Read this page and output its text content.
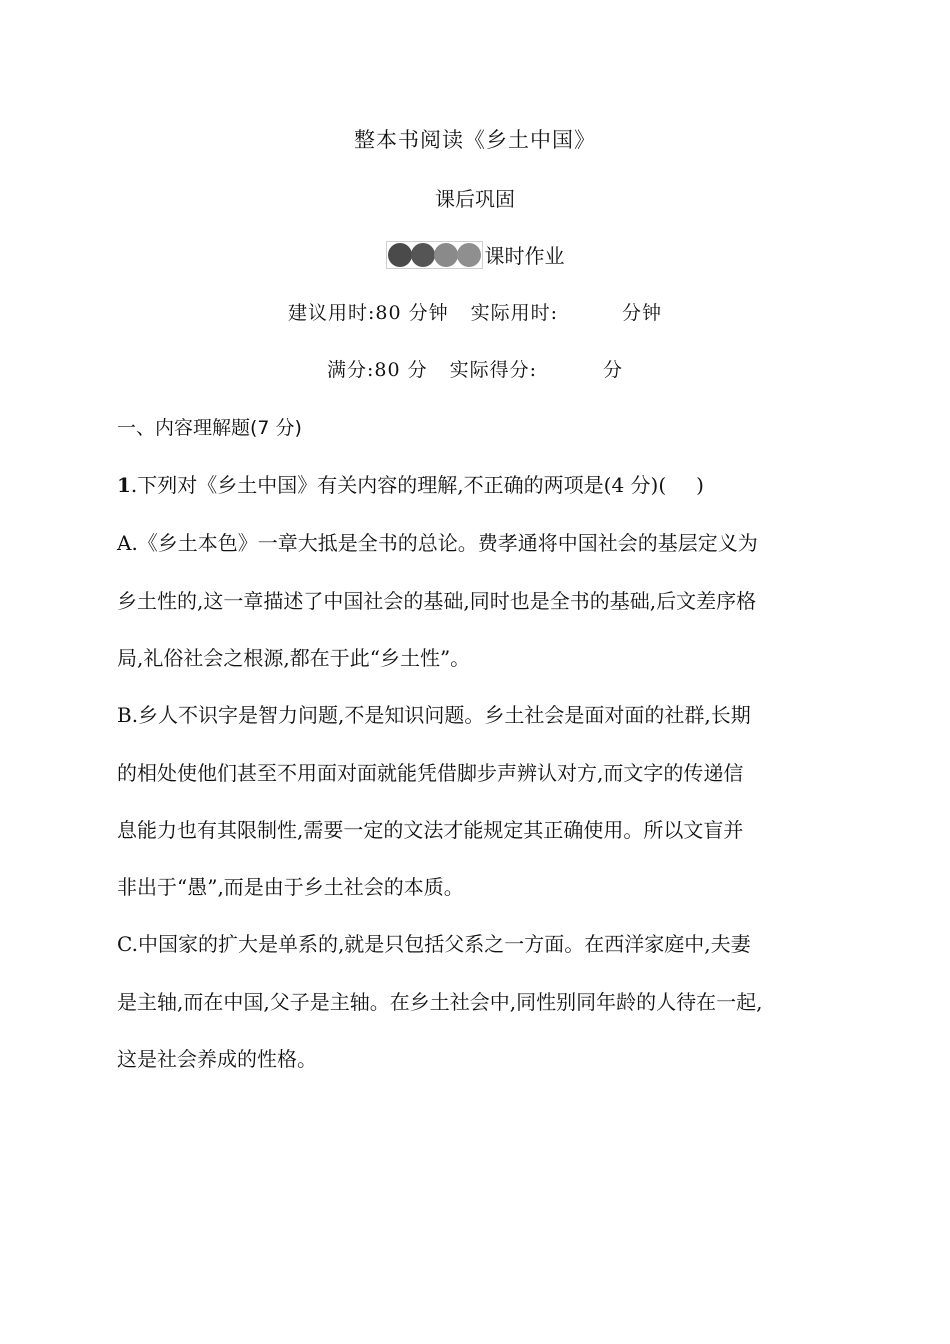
整本书阅读《乡土中国》
课后巩固
课时作业
建议用时:80 分钟 实际用时:	分钟
满分:80 分 实际得分:	分
一、内容理解题(7 分)
1.下列对《乡土中国》有关内容的理解,不正确的两项是(4 分)( )
A.《乡土本色》一章大抵是全书的总论。费孝通将中国社会的基层定义为
乡土性的,这一章描述了中国社会的基础,同时也是全书的基础,后文差序格
局,礼俗社会之根源,都在于此“乡土性”。
B.乡人不识字是智力问题,不是知识问题。乡土社会是面对面的社群,长期
的相处使他们甚至不用面对面就能凭借脚步声辨认对方,而文字的传递信
息能力也有其限制性,需要一定的文法才能规定其正确使用。所以文盲并
非出于“愚”,而是由于乡土社会的本质。
C.中国家的扩大是单系的,就是只包括父系之一方面。在西洋家庭中,夫妻
是主轴,而在中国,父子是主轴。在乡土社会中,同性别同年龄的人待在一起,
这是社会养成的性格。
